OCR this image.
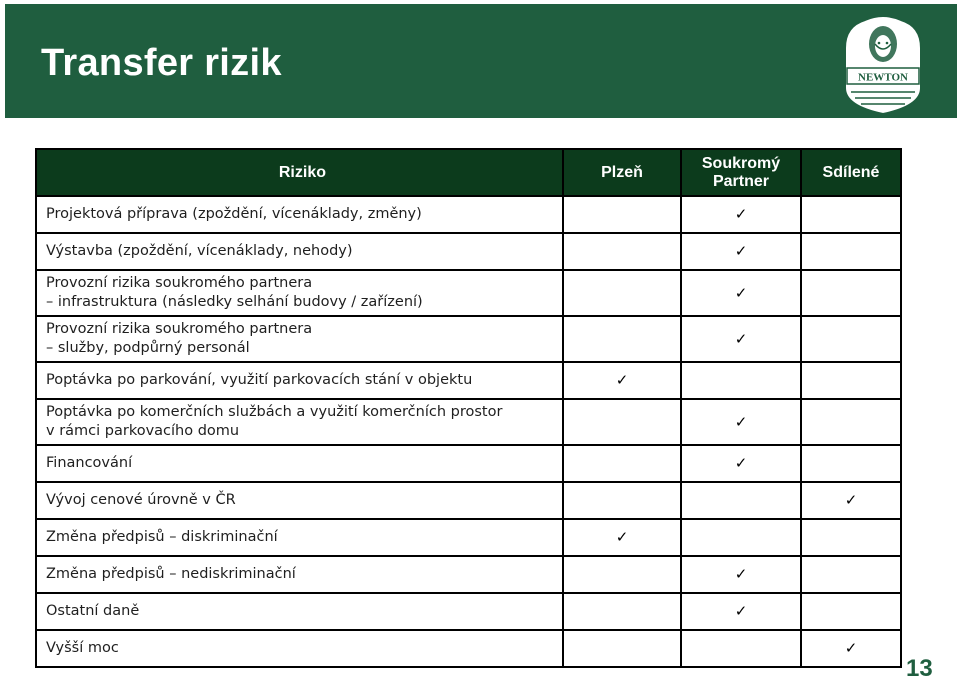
Transfer rizik	NEWTON
Riziko	Plzeň	Soukromý Partner	Sdílené

Projektová příprava (zpoždění, vícenáklady, změny)		✓	

Výstavba (zpoždění, vícenáklady, nehody)		✓	

Provozní rizika soukromého partnera
– infrastruktura (následky selhání budovy / zařízení)		✓	

Provozní rizika soukromého partnera
– služby, podpůrný personál		✓	

Poptávka po parkování, využití parkovacích stání v objektu	✓		

Poptávka po komerčních službách a využití komerčních prostor
v rámci parkovacího domu		✓	

Financování		✓	

Vývoj cenové úrovně v ČR			✓

Změna předpisů – diskriminační	✓		

Změna předpisů – nediskriminační		✓	

Ostatní daně		✓	

Vyšší moc			✓
13
